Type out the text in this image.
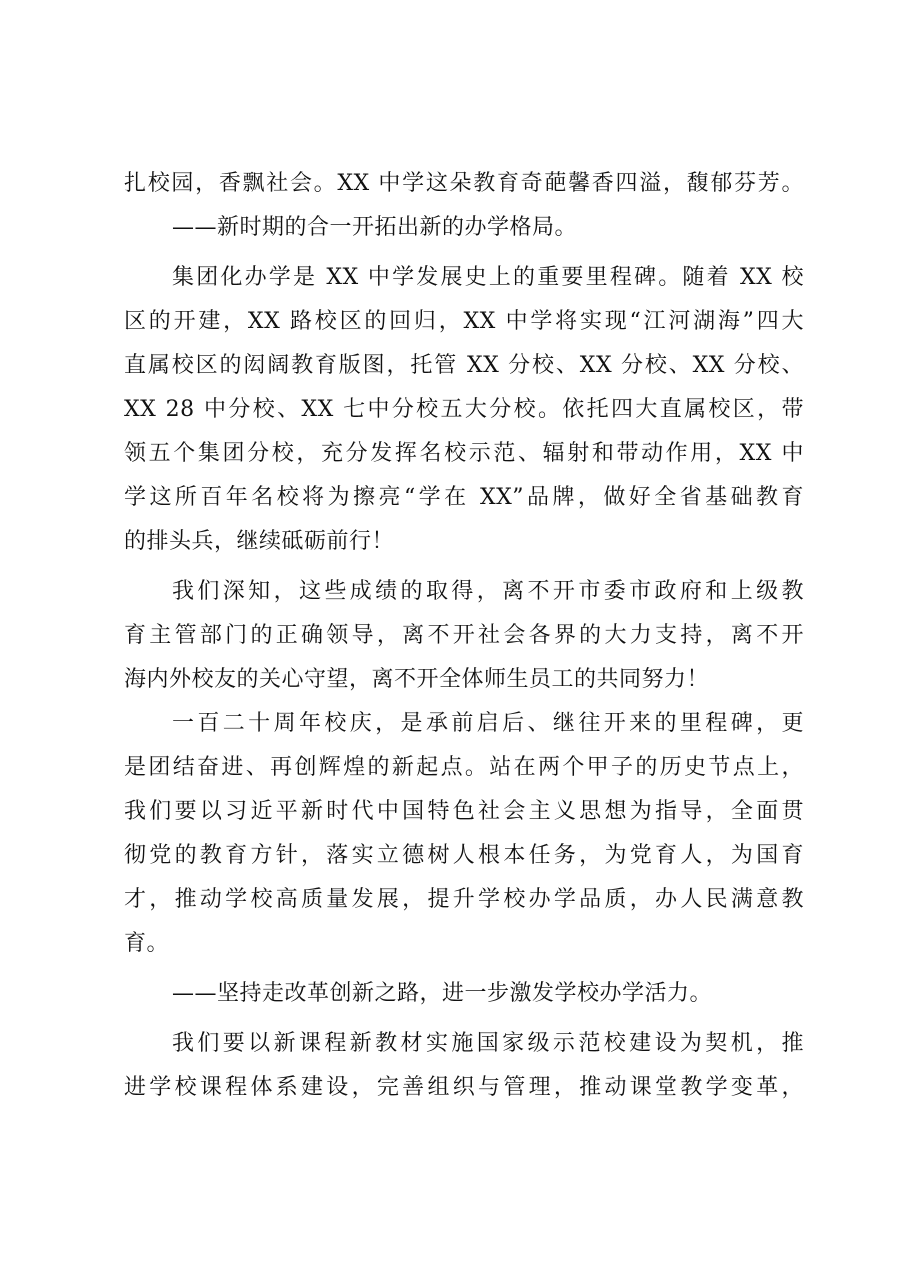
扎校园，香飘社会。XX 中学这朵教育奇葩馨香四溢，馥郁芬芳。
——新时期的合一开拓出新的办学格局。
集团化办学是 XX 中学发展史上的重要里程碑。随着 XX 校
区的开建，XX 路校区的回归，XX 中学将实现“江河湖海”四大
直属校区的闳阔教育版图，托管 XX 分校、XX 分校、XX 分校、
XX 28 中分校、XX 七中分校五大分校。依托四大直属校区，带
领五个集团分校，充分发挥名校示范、辐射和带动作用，XX 中
学这所百年名校将为擦亮“学在 XX”品牌，做好全省基础教育
的排头兵，继续砥砺前行！
我们深知，这些成绩的取得，离不开市委市政府和上级教
育主管部门的正确领导，离不开社会各界的大力支持，离不开
海内外校友的关心守望，离不开全体师生员工的共同努力！
一百二十周年校庆，是承前启后、继往开来的里程碑，更
是团结奋进、再创辉煌的新起点。站在两个甲子的历史节点上，
我们要以习近平新时代中国特色社会主义思想为指导，全面贯
彻党的教育方针，落实立德树人根本任务，为党育人，为国育
才，推动学校高质量发展，提升学校办学品质，办人民满意教
育。
——坚持走改革创新之路，进一步激发学校办学活力。
我们要以新课程新教材实施国家级示范校建设为契机，推
进学校课程体系建设，完善组织与管理，推动课堂教学变革，
